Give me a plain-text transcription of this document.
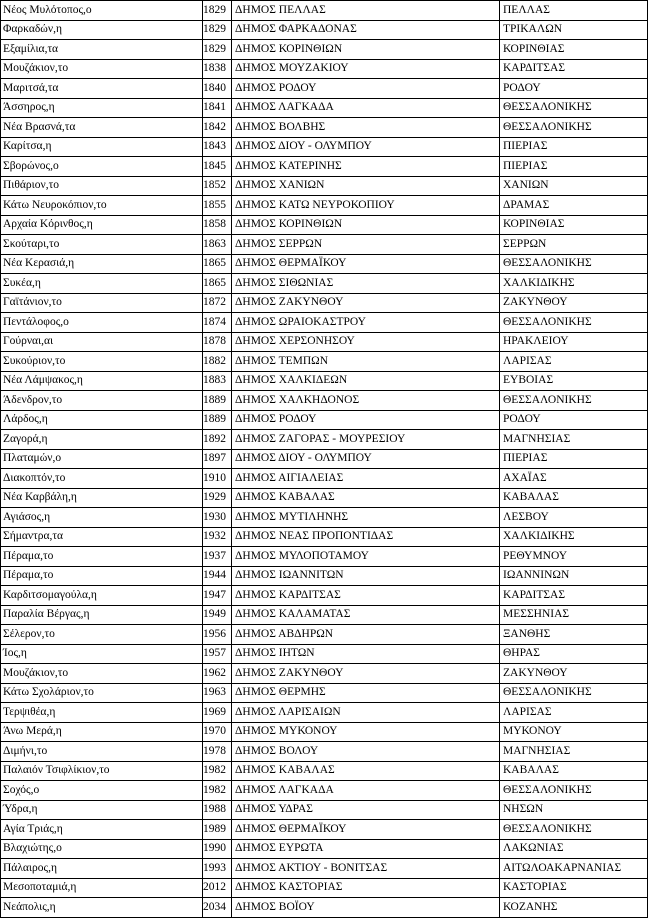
Νέος Μυλότοπος,ο	1829	ΔΗΜΟΣ ΠΕΛΛΑΣ	ΠΕΛΛΑΣ
Φαρκαδών,η	1829	ΔΗΜΟΣ ΦΑΡΚΑΔΟΝΑΣ	ΤΡΙΚΑΛΩΝ
Εξαμίλια,τα	1829	ΔΗΜΟΣ ΚΟΡΙΝΘΙΩΝ	ΚΟΡΙΝΘΙΑΣ
Μουζάκιον,το	1838	ΔΗΜΟΣ ΜΟΥΖΑΚΙΟΥ	ΚΑΡΔΙΤΣΑΣ
Μαριτσά,τα	1840	ΔΗΜΟΣ ΡΟΔΟΥ	ΡΟΔΟΥ
Άσσηρος,η	1841	ΔΗΜΟΣ ΛΑΓΚΑΔΑ	ΘΕΣΣΑΛΟΝΙΚΗΣ
Νέα Βρασνά,τα	1842	ΔΗΜΟΣ ΒΟΛΒΗΣ	ΘΕΣΣΑΛΟΝΙΚΗΣ
Καρίτσα,η	1843	ΔΗΜΟΣ ΔΙΟΥ - ΟΛΥΜΠΟΥ	ΠΙΕΡΙΑΣ
Σβορώνος,ο	1845	ΔΗΜΟΣ ΚΑΤΕΡΙΝΗΣ	ΠΙΕΡΙΑΣ
Πιθάριον,το	1852	ΔΗΜΟΣ ΧΑΝΙΩΝ	ΧΑΝΙΩΝ
Κάτω Νευροκόπιον,το	1855	ΔΗΜΟΣ ΚΑΤΩ ΝΕΥΡΟΚΟΠΙΟΥ	ΔΡΑΜΑΣ
Αρχαία Κόρινθος,η	1858	ΔΗΜΟΣ ΚΟΡΙΝΘΙΩΝ	ΚΟΡΙΝΘΙΑΣ
Σκούταρι,το	1863	ΔΗΜΟΣ ΣΕΡΡΩΝ	ΣΕΡΡΩΝ
Νέα Κερασιά,η	1865	ΔΗΜΟΣ ΘΕΡΜΑΪΚΟΥ	ΘΕΣΣΑΛΟΝΙΚΗΣ
Συκέα,η	1865	ΔΗΜΟΣ ΣΙΘΩΝΙΑΣ	ΧΑΛΚΙΔΙΚΗΣ
Γαϊτάνιον,το	1872	ΔΗΜΟΣ ΖΑΚΥΝΘΟΥ	ΖΑΚΥΝΘΟΥ
Πεντάλοφος,ο	1874	ΔΗΜΟΣ ΩΡΑΙΟΚΑΣΤΡΟΥ	ΘΕΣΣΑΛΟΝΙΚΗΣ
Γούρναι,αι	1878	ΔΗΜΟΣ ΧΕΡΣΟΝΗΣΟΥ	ΗΡΑΚΛΕΙΟΥ
Συκούριον,το	1882	ΔΗΜΟΣ ΤΕΜΠΩΝ	ΛΑΡΙΣΑΣ
Νέα Λάμψακος,η	1883	ΔΗΜΟΣ ΧΑΛΚΙΔΕΩΝ	ΕΥΒΟΙΑΣ
Άδενδρον,το	1889	ΔΗΜΟΣ ΧΑΛΚΗΔΟΝΟΣ	ΘΕΣΣΑΛΟΝΙΚΗΣ
Λάρδος,η	1889	ΔΗΜΟΣ ΡΟΔΟΥ	ΡΟΔΟΥ
Ζαγορά,η	1892	ΔΗΜΟΣ ΖΑΓΟΡΑΣ - ΜΟΥΡΕΣΙΟΥ	ΜΑΓΝΗΣΙΑΣ
Πλαταμών,ο	1897	ΔΗΜΟΣ ΔΙΟΥ - ΟΛΥΜΠΟΥ	ΠΙΕΡΙΑΣ
Διακοπτόν,το	1910	ΔΗΜΟΣ ΑΙΓΙΑΛΕΙΑΣ	ΑΧΑΪΑΣ
Νέα Καρβάλη,η	1929	ΔΗΜΟΣ ΚΑΒΑΛΑΣ	ΚΑΒΑΛΑΣ
Αγιάσος,η	1930	ΔΗΜΟΣ ΜΥΤΙΛΗΝΗΣ	ΛΕΣΒΟΥ
Σήμαντρα,τα	1932	ΔΗΜΟΣ ΝΕΑΣ ΠΡΟΠΟΝΤΙΔΑΣ	ΧΑΛΚΙΔΙΚΗΣ
Πέραμα,το	1937	ΔΗΜΟΣ ΜΥΛΟΠΟΤΑΜΟΥ	ΡΕΘΥΜΝΟΥ
Πέραμα,το	1944	ΔΗΜΟΣ ΙΩΑΝΝΙΤΩΝ	ΙΩΑΝΝΙΝΩΝ
Καρδιτσομαγούλα,η	1947	ΔΗΜΟΣ ΚΑΡΔΙΤΣΑΣ	ΚΑΡΔΙΤΣΑΣ
Παραλία Βέργας,η	1949	ΔΗΜΟΣ ΚΑΛΑΜΑΤΑΣ	ΜΕΣΣΗΝΙΑΣ
Σέλερον,το	1956	ΔΗΜΟΣ ΑΒΔΗΡΩΝ	ΞΑΝΘΗΣ
Ίος,η	1957	ΔΗΜΟΣ ΙΗΤΩΝ	ΘΗΡΑΣ
Μουζάκιον,το	1962	ΔΗΜΟΣ ΖΑΚΥΝΘΟΥ	ΖΑΚΥΝΘΟΥ
Κάτω Σχολάριον,το	1963	ΔΗΜΟΣ ΘΕΡΜΗΣ	ΘΕΣΣΑΛΟΝΙΚΗΣ
Τερψιθέα,η	1969	ΔΗΜΟΣ ΛΑΡΙΣΑΙΩΝ	ΛΑΡΙΣΑΣ
Άνω Μερά,η	1970	ΔΗΜΟΣ ΜΥΚΟΝΟΥ	ΜΥΚΟΝΟΥ
Διμήνι,το	1978	ΔΗΜΟΣ ΒΟΛΟΥ	ΜΑΓΝΗΣΙΑΣ
Παλαιόν Τσιφλίκιον,το	1982	ΔΗΜΟΣ ΚΑΒΑΛΑΣ	ΚΑΒΑΛΑΣ
Σοχός,ο	1982	ΔΗΜΟΣ ΛΑΓΚΑΔΑ	ΘΕΣΣΑΛΟΝΙΚΗΣ
Ύδρα,η	1988	ΔΗΜΟΣ ΥΔΡΑΣ	ΝΗΣΩΝ
Αγία Τριάς,η	1989	ΔΗΜΟΣ ΘΕΡΜΑΪΚΟΥ	ΘΕΣΣΑΛΟΝΙΚΗΣ
Βλαχιώτης,ο	1990	ΔΗΜΟΣ ΕΥΡΩΤΑ	ΛΑΚΩΝΙΑΣ
Πάλαιρος,η	1993	ΔΗΜΟΣ ΑΚΤΙΟΥ - ΒΟΝΙΤΣΑΣ	ΑΙΤΩΛΟΑΚΑΡΝΑΝΙΑΣ
Μεσοποταμιά,η	2012	ΔΗΜΟΣ ΚΑΣΤΟΡΙΑΣ	ΚΑΣΤΟΡΙΑΣ
Νεάπολις,η	2034	ΔΗΜΟΣ ΒΟΪΟΥ	ΚΟΖΑΝΗΣ
